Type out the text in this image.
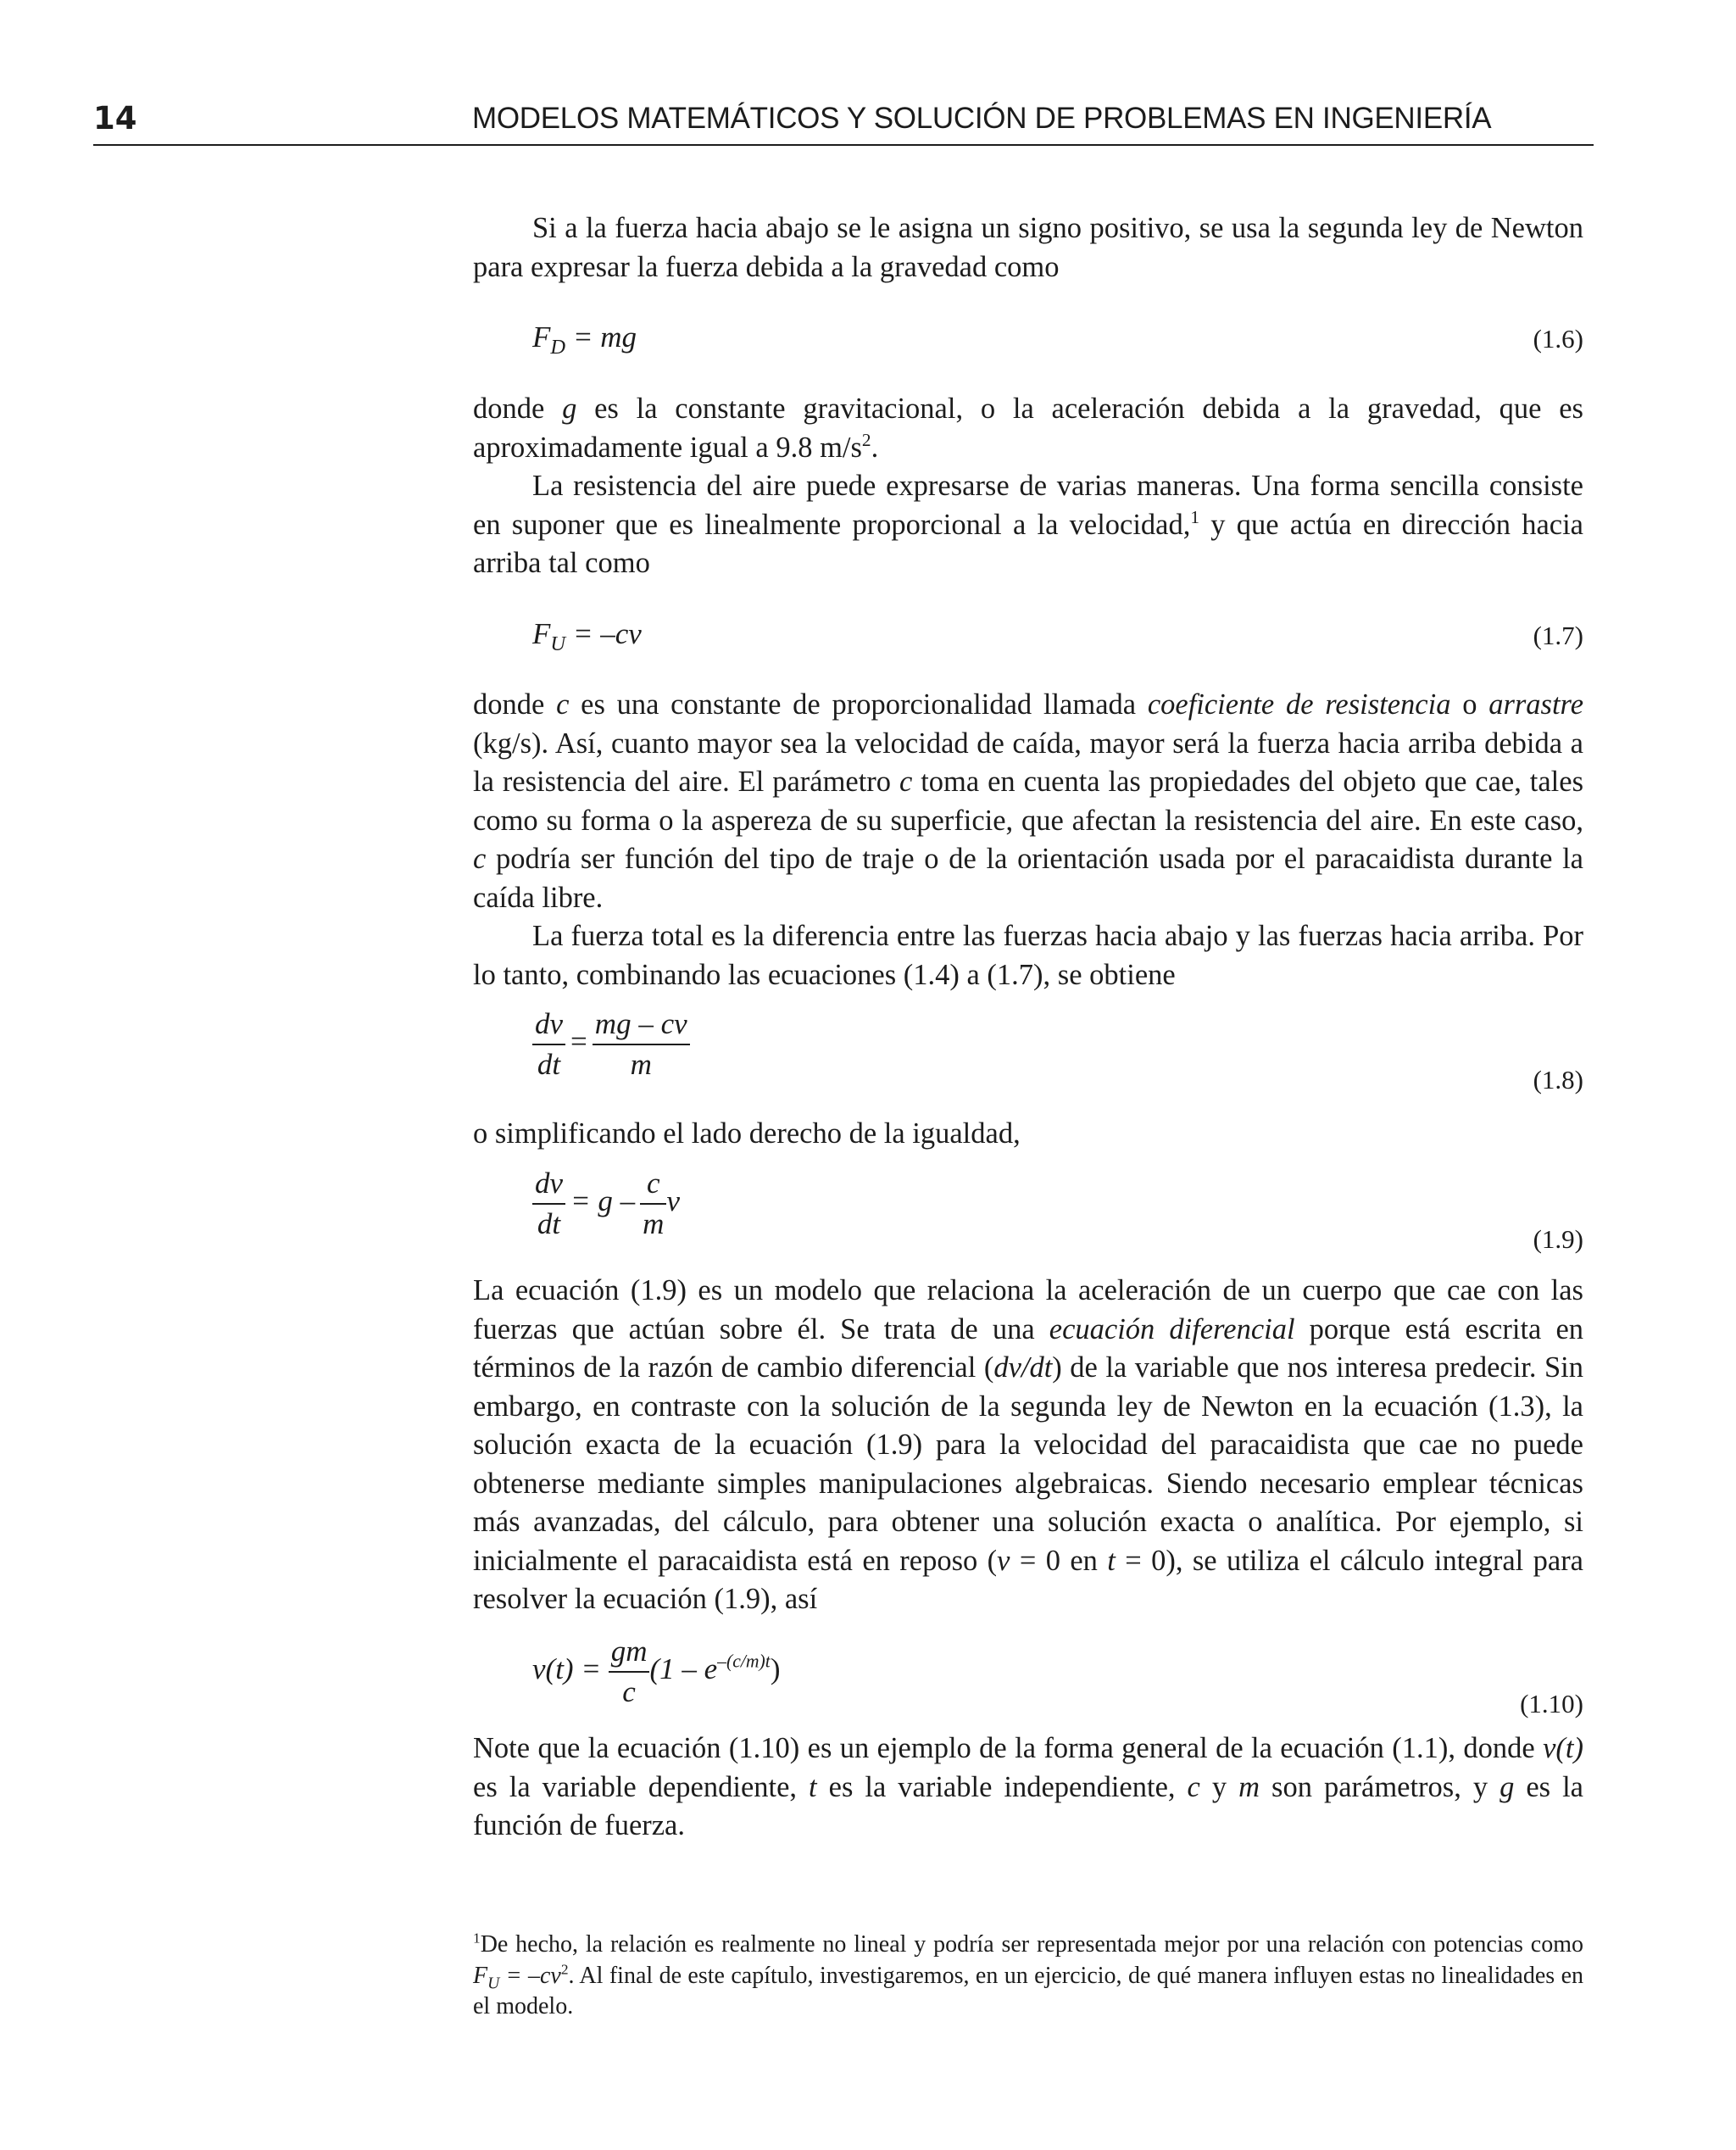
14	MODELOS MATEMÁTICOS Y SOLUCIÓN DE PROBLEMAS EN INGENIERÍA

Si a la fuerza hacia abajo se le asigna un signo positivo, se usa la segunda ley de Newton para expresar la fuerza debida a la gravedad como

$F_D$ = mg	(1.6)

donde g es la constante gravitacional, o la aceleración debida a la gravedad, que es aproximadamente igual a 9.8 $m/s^2$.

La resistencia del aire puede expresarse de varias maneras. Una forma sencilla consiste en suponer que es linealmente proporcional a la velocidad,$^1$ y que actúa en dirección hacia arriba tal como

$F_U = -cv$	(1.7)

donde c es una constante de proporcionalidad llamada coeficiente de resistencia o arrastre (kg/s). Así, cuanto mayor sea la velocidad de caída, mayor será la fuerza hacia arriba debida a la resistencia del aire. El parámetro c toma en cuenta las propiedades del objeto que cae, tales como su forma o la aspereza de su superficie, que afectan la resistencia del aire. En este caso, c podría ser función del tipo de traje o de la orientación usada por el paracaidista durante la caída libre.

La fuerza total es la diferencia entre las fuerzas hacia abajo y las fuerzas hacia arriba. Por lo tanto, combinando las ecuaciones (1.4) a (1.7), se obtiene

$\frac{dv}{dt} = \frac{mg - cv}{m}$	(1.8)

o simplificando el lado derecho de la igualdad,

$\frac{dv}{dt} = g - \frac{c}{m}$ v
(1.9)

La ecuación (1.9) es un modelo que relaciona la aceleración de un cuerpo que cae con las fuerzas que actúan sobre él. Se trata de una ecuación diferencial porque está escrita en términos de la razón de cambio diferencial (dv/dt) de la variable que nos interesa predecir. Sin embargo, en contraste con la solución de la segunda ley de Newton en la ecuación (1.3), la solución exacta de la ecuación (1.9) para la velocidad del paracaidista que cae no puede obtenerse mediante simples manipulaciones algebraicas. Siendo necesario emplear técnicas más avanzadas, del cálculo, para obtener una solución exacta o analítica. Por ejemplo, si inicialmente el paracaidista está en reposo (v = 0 en t = 0), se utiliza el cálculo integral para resolver la ecuación (1.9), así

$v(t) = \frac{gm}{c} (1 - e^{-(c/m)t})$
(1.10)

Note que la ecuación (1.10) es un ejemplo de la forma general de la ecuación (1.1), donde v(t) es la variable dependiente, t es la variable independiente, c y m son parámetros, y g es la función de fuerza.

$^1$De hecho, la relación es realmente no lineal y podría ser representada mejor por una relación con potencias como $F_U = -cv^2$. Al final de este capítulo, investigaremos, en un ejercicio, de qué manera influyen estas no linealidades en el modelo.
